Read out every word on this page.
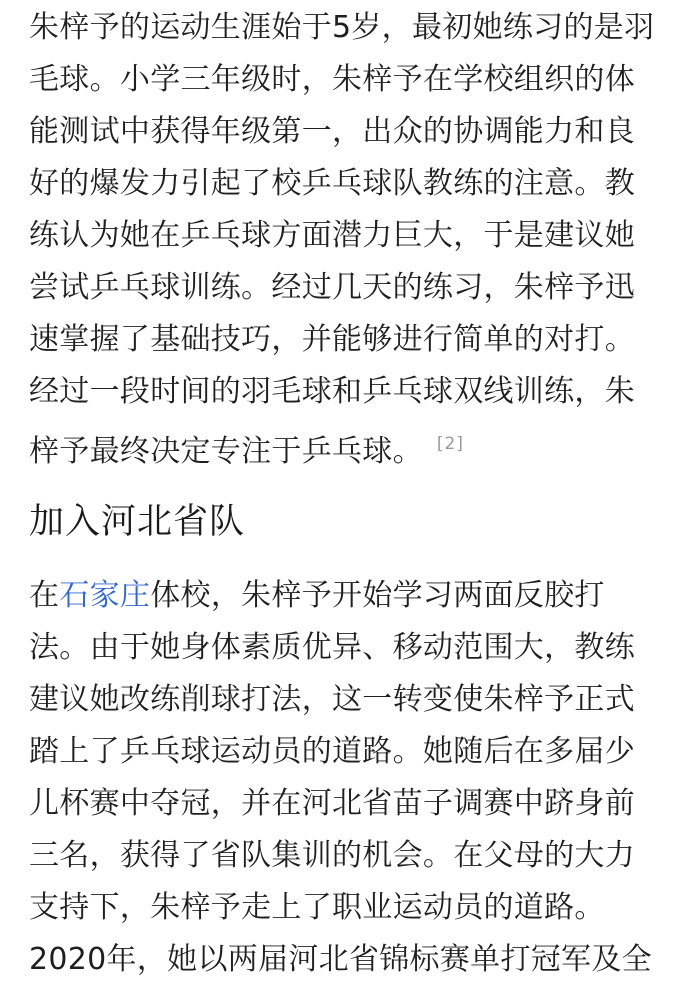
朱梓予的运动生涯始于5岁，最初她练习的是羽
毛球。小学三年级时，朱梓予在学校组织的体
能测试中获得年级第一，出众的协调能力和良
好的爆发力引起了校乒乓球队教练的注意。教
练认为她在乒乓球方面潜力巨大，于是建议她
尝试乒乓球训练。经过几天的练习，朱梓予迅
速掌握了基础技巧，并能够进行简单的对打。
经过一段时间的羽毛球和乒乓球双线训练，朱
梓予最终决定专注于乒乓球。 [2]

加入河北省队

在石家庄体校，朱梓予开始学习两面反胶打
法。由于她身体素质优异、移动范围大，教练
建议她改练削球打法，这一转变使朱梓予正式
踏上了乒乓球运动员的道路。她随后在多届少
儿杯赛中夺冠，并在河北省苗子调赛中跻身前
三名，获得了省队集训的机会。在父母的大力
支持下，朱梓予走上了职业运动员的道路。
2020年，她以两届河北省锦标赛单打冠军及全
